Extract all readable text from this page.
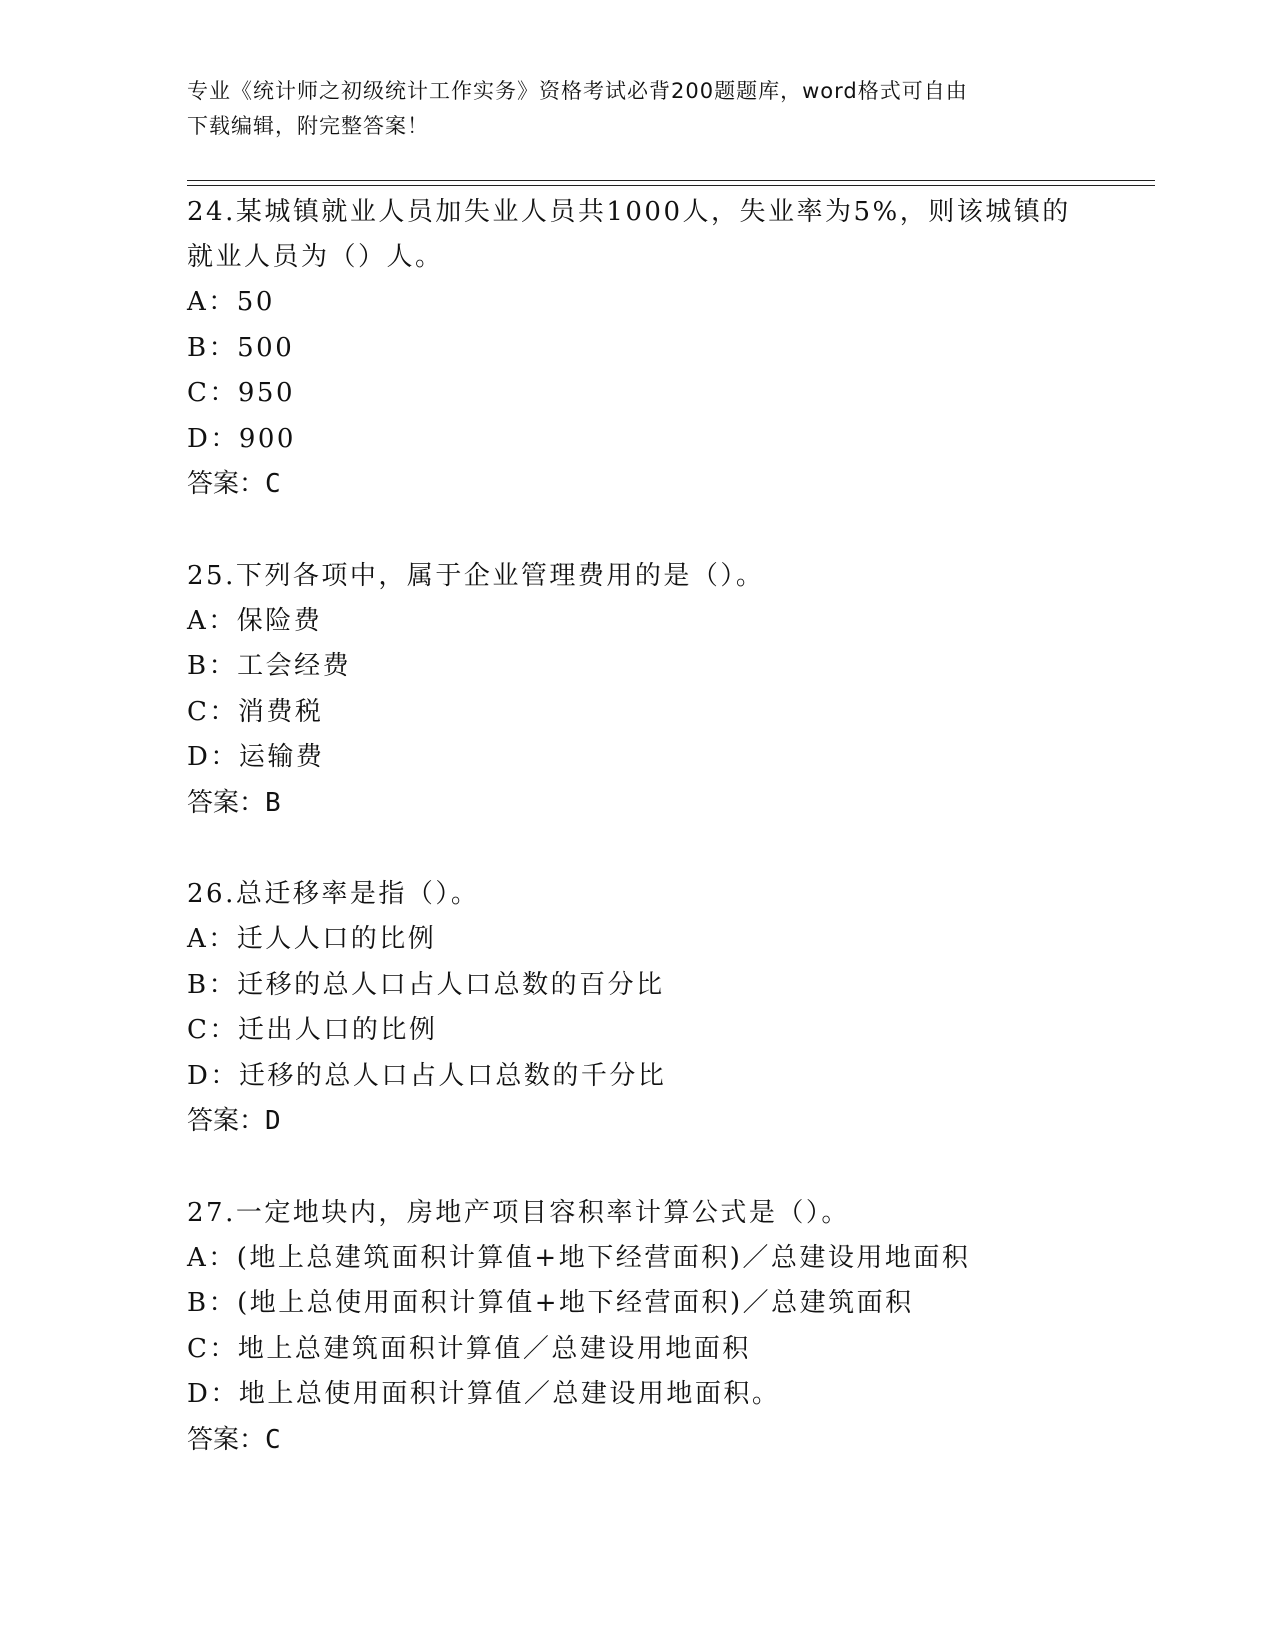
专业《统计师之初级统计工作实务》资格考试必背200题题库，word格式可自由
下载编辑，附完整答案！
24.某城镇就业人员加失业人员共1000人，失业率为5%，则该城镇的
就业人员为（）人。
A：50
B：500
C：950
D：900
答案：C
25.下列各项中，属于企业管理费用的是（）。
A：保险费
B：工会经费
C：消费税
D：运输费
答案：B
26.总迁移率是指（）。
A：迁人人口的比例
B：迁移的总人口占人口总数的百分比
C：迁出人口的比例
D：迁移的总人口占人口总数的千分比
答案：D
27.一定地块内，房地产项目容积率计算公式是（）。
A：(地上总建筑面积计算值+地下经营面积)／总建设用地面积
B：(地上总使用面积计算值+地下经营面积)／总建筑面积
C：地上总建筑面积计算值／总建设用地面积
D：地上总使用面积计算值／总建设用地面积。
答案：C
